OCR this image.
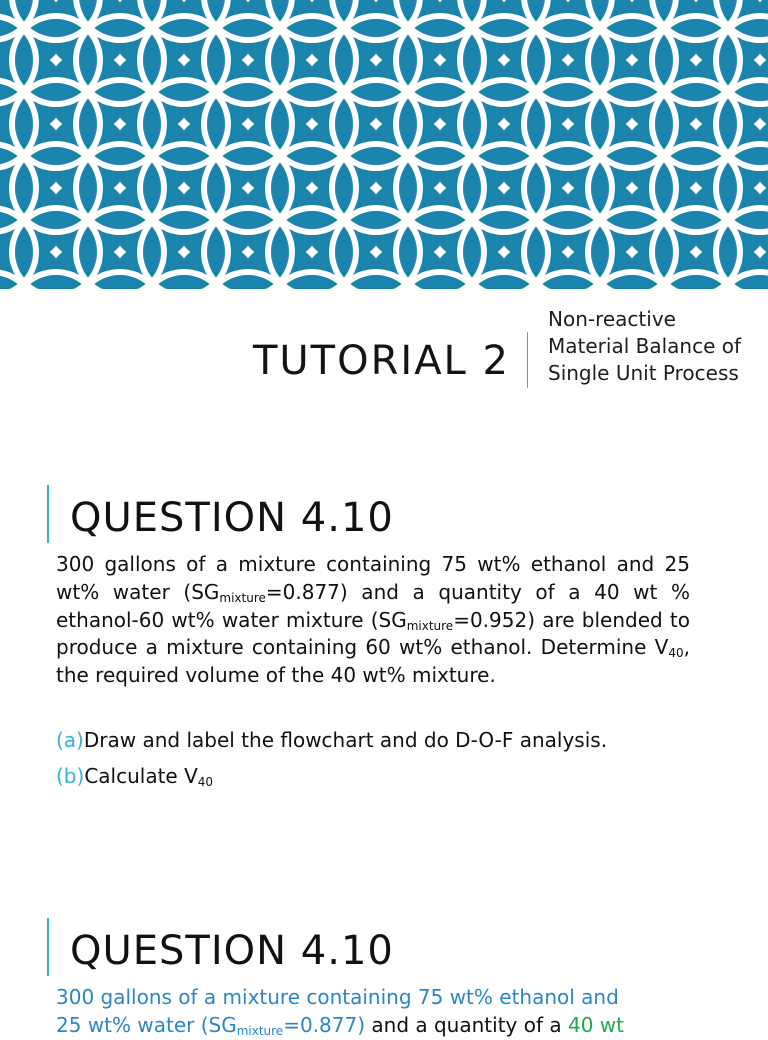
TUTORIAL 2
Non-reactive Material Balance of Single Unit Process
QUESTION 4.10
300 gallons of a mixture containing 75 wt% ethanol and 25 wt% water $(SG_{mixture}=0.877)$ and a quantity of a 40 wt % ethanol-60 wt% water mixture $(SG_{mixture}=0.952)$ are blended to produce a mixture containing 60 wt% ethanol. Determine $V_{40}$, the required volume of the 40 wt% mixture.
(a)Draw and label the flowchart and do D-O-F analysis.
(b)Calculate $V_{40}$
QUESTION 4.10
300 gallons of a mixture containing 75 wt% ethanol and
25 wt% water $(SG_{mixture}=0.877)$ and a quantity of a 40 wt
